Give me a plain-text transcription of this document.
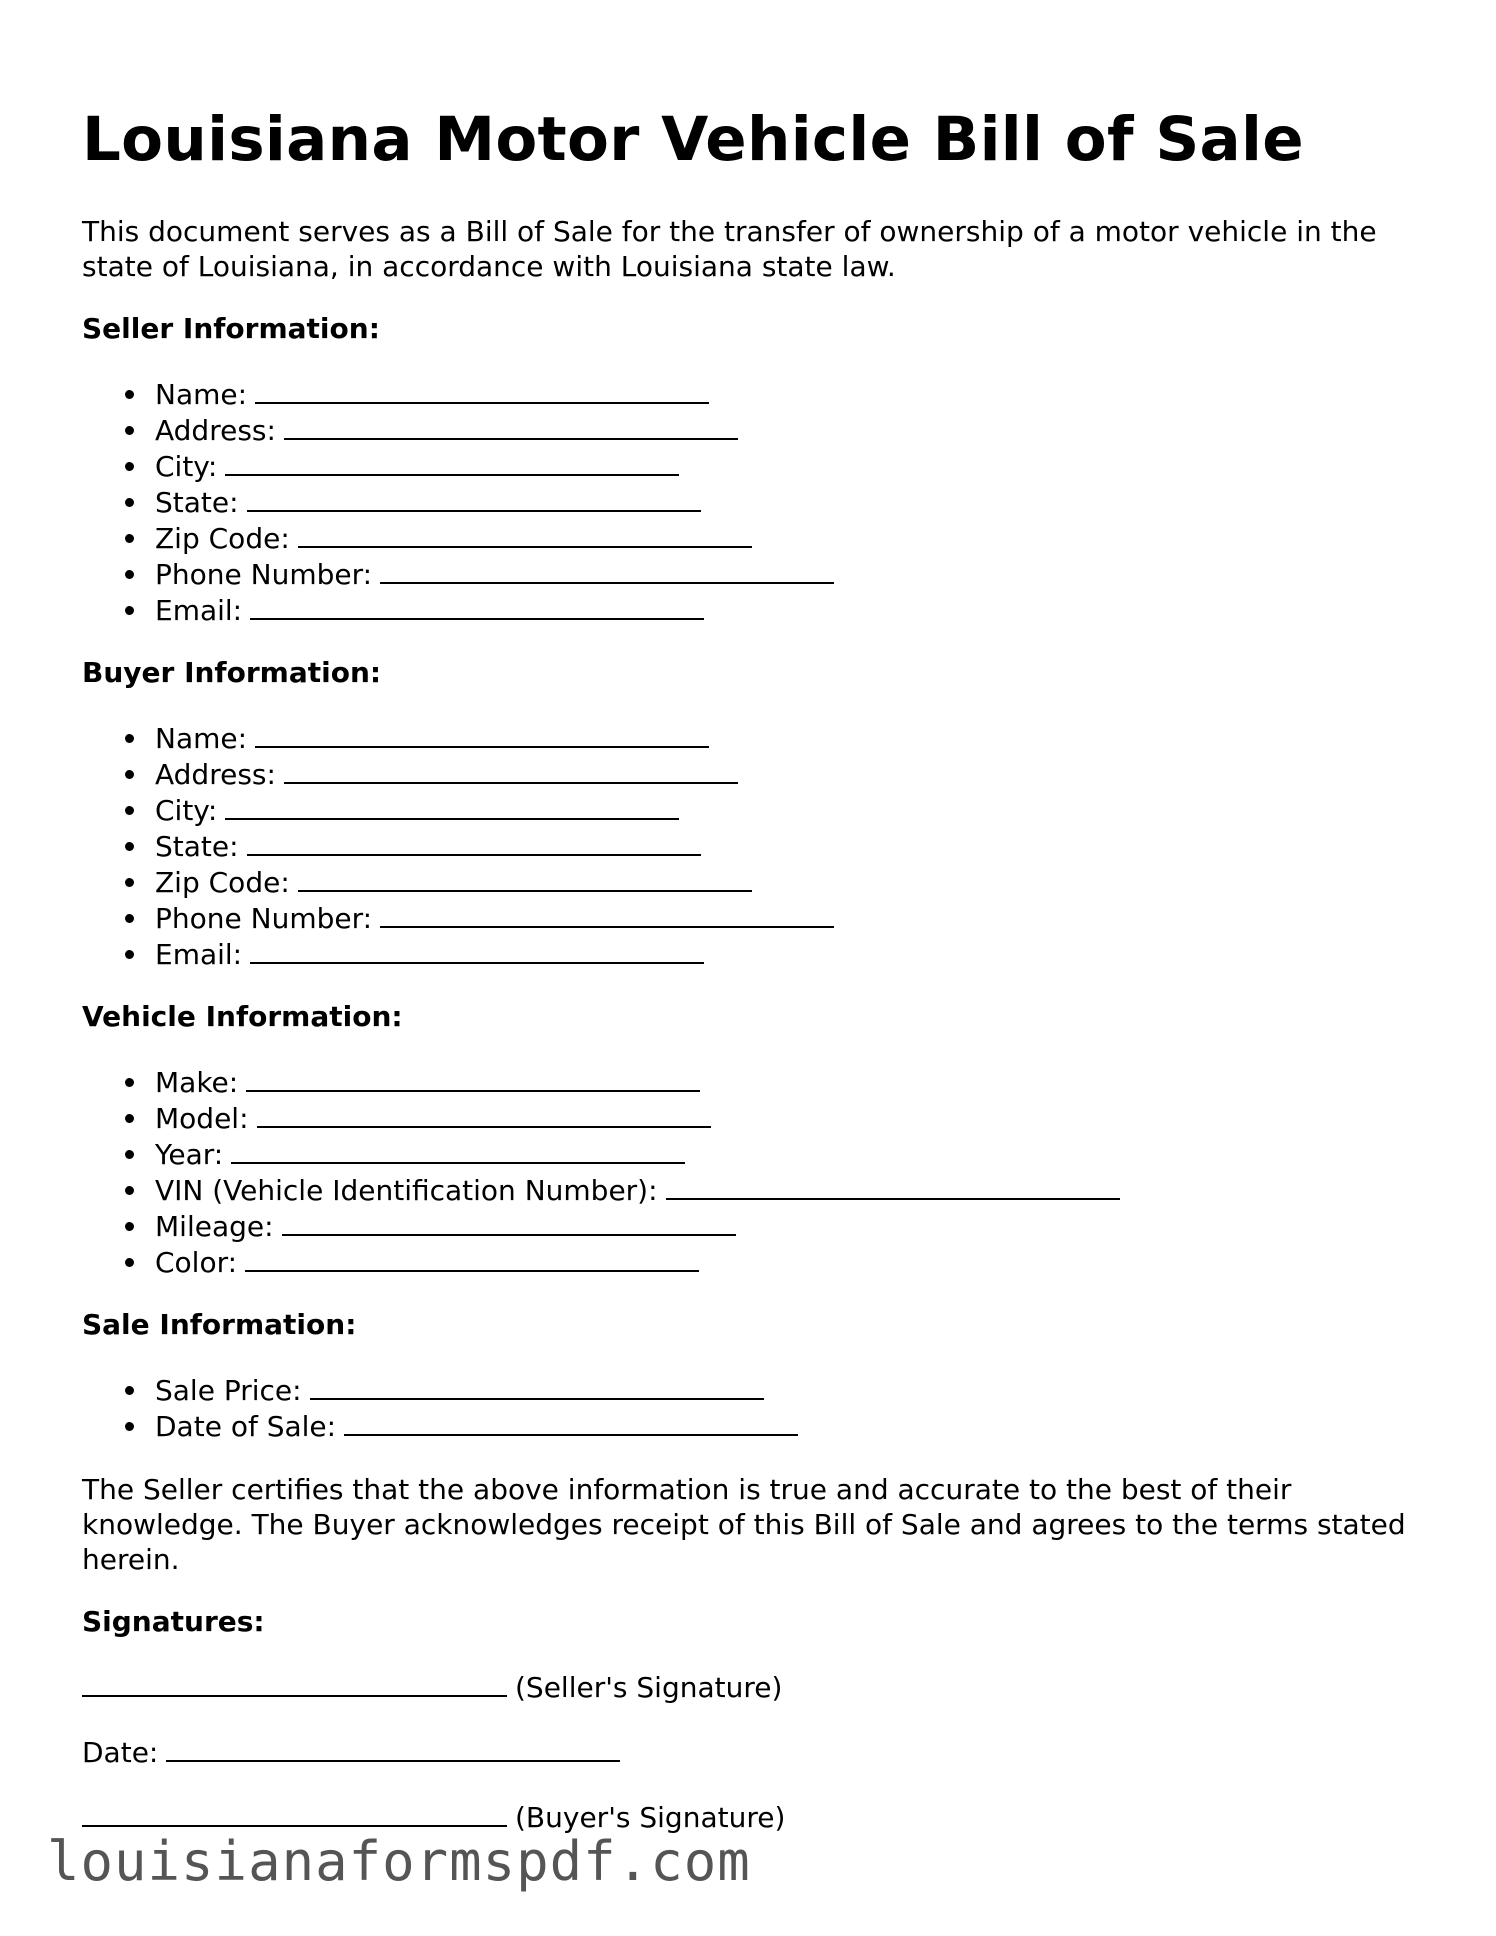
Louisiana Motor Vehicle Bill of Sale

This document serves as a Bill of Sale for the transfer of ownership of a motor vehicle in the state of Louisiana, in accordance with Louisiana state law.

Seller Information:
Name:
Address:
City:
State:
Zip Code:
Phone Number:
Email:
Buyer Information:
Name:
Address:
City:
State:
Zip Code:
Phone Number:
Email:
Vehicle Information:
Make:
Model:
Year:
VIN (Vehicle Identification Number):
Mileage:
Color:
Sale Information:
Sale Price:
Date of Sale:

The Seller certifies that the above information is true and accurate to the best of their knowledge. The Buyer acknowledges receipt of this Bill of Sale and agrees to the terms stated herein.

Signatures:
(Seller's Signature)
Date:
(Buyer's Signature)
louisianaformspdf.com
